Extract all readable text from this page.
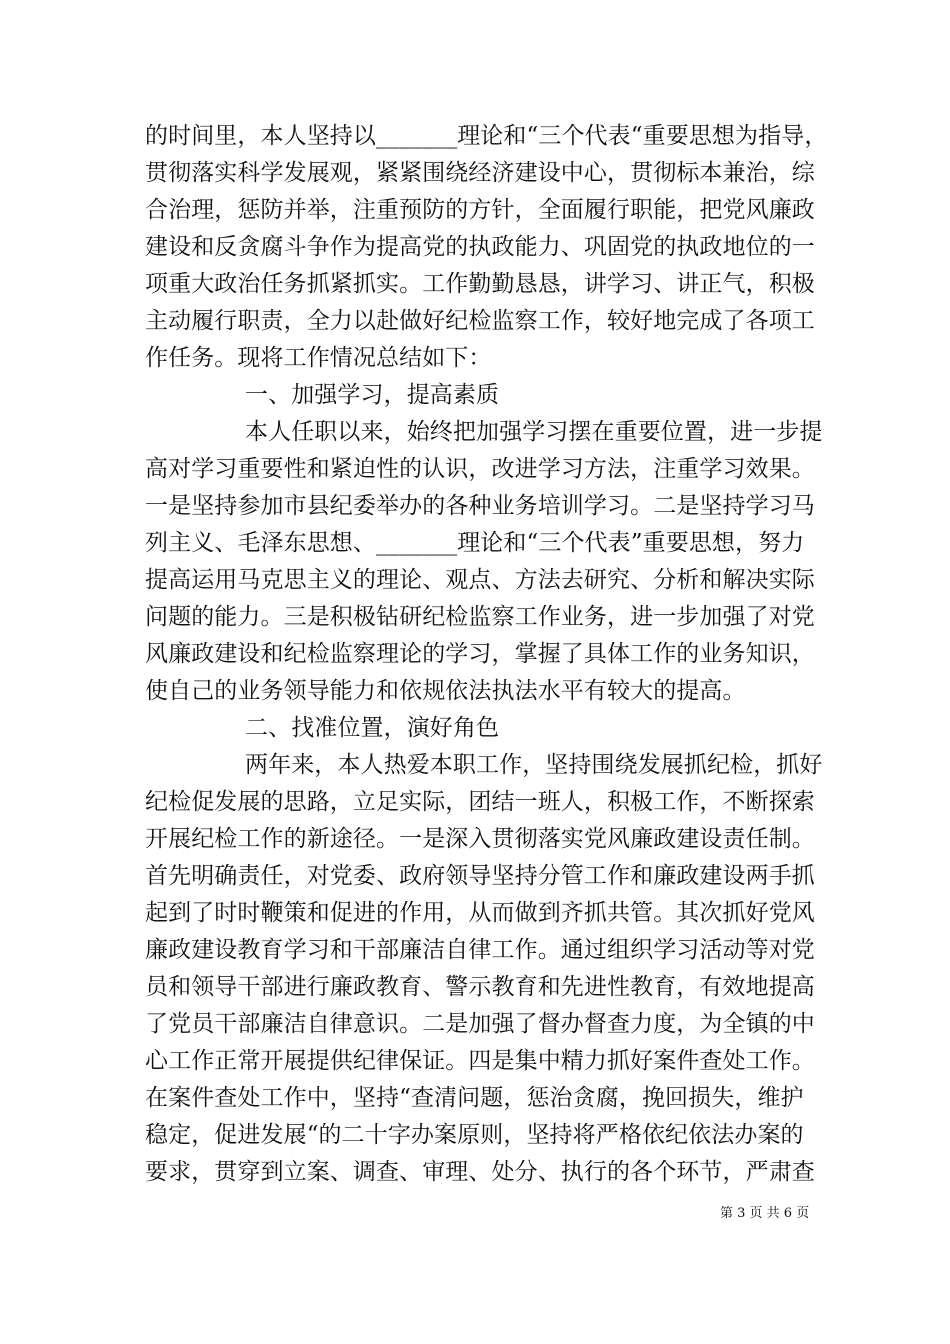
的时间里，本人坚持以_______理论和“三个代表“重要思想为指导，
贯彻落实科学发展观，紧紧围绕经济建设中心，贯彻标本兼治，综
合治理，惩防并举，注重预防的方针，全面履行职能，把党风廉政
建设和反贪腐斗争作为提高党的执政能力、巩固党的执政地位的一
项重大政治任务抓紧抓实。工作勤勤恳恳，讲学习、讲正气，积极
主动履行职责，全力以赴做好纪检监察工作，较好地完成了各项工
作任务。现将工作情况总结如下：
一、加强学习，提高素质
本人任职以来，始终把加强学习摆在重要位置，进一步提
高对学习重要性和紧迫性的认识，改进学习方法，注重学习效果。
一是坚持参加市县纪委举办的各种业务培训学习。二是坚持学习马
列主义、毛泽东思想、_______理论和“三个代表”重要思想，努力
提高运用马克思主义的理论、观点、方法去研究、分析和解决实际
问题的能力。三是积极钻研纪检监察工作业务，进一步加强了对党
风廉政建设和纪检监察理论的学习，掌握了具体工作的业务知识，
使自己的业务领导能力和依规依法执法水平有较大的提高。
二、找准位置，演好角色
两年来，本人热爱本职工作，坚持围绕发展抓纪检，抓好
纪检促发展的思路，立足实际，团结一班人，积极工作，不断探索
开展纪检工作的新途径。一是深入贯彻落实党风廉政建设责任制。
首先明确责任，对党委、政府领导坚持分管工作和廉政建设两手抓
起到了时时鞭策和促进的作用，从而做到齐抓共管。其次抓好党风
廉政建设教育学习和干部廉洁自律工作。通过组织学习活动等对党
员和领导干部进行廉政教育、警示教育和先进性教育，有效地提高
了党员干部廉洁自律意识。二是加强了督办督查力度，为全镇的中
心工作正常开展提供纪律保证。四是集中精力抓好案件查处工作。
在案件查处工作中，坚持“查清问题，惩治贪腐，挽回损失，维护
稳定，促进发展“的二十字办案原则，坚持将严格依纪依法办案的
要求，贯穿到立案、调查、审理、处分、执行的各个环节，严肃查
第 3 页 共 6 页
